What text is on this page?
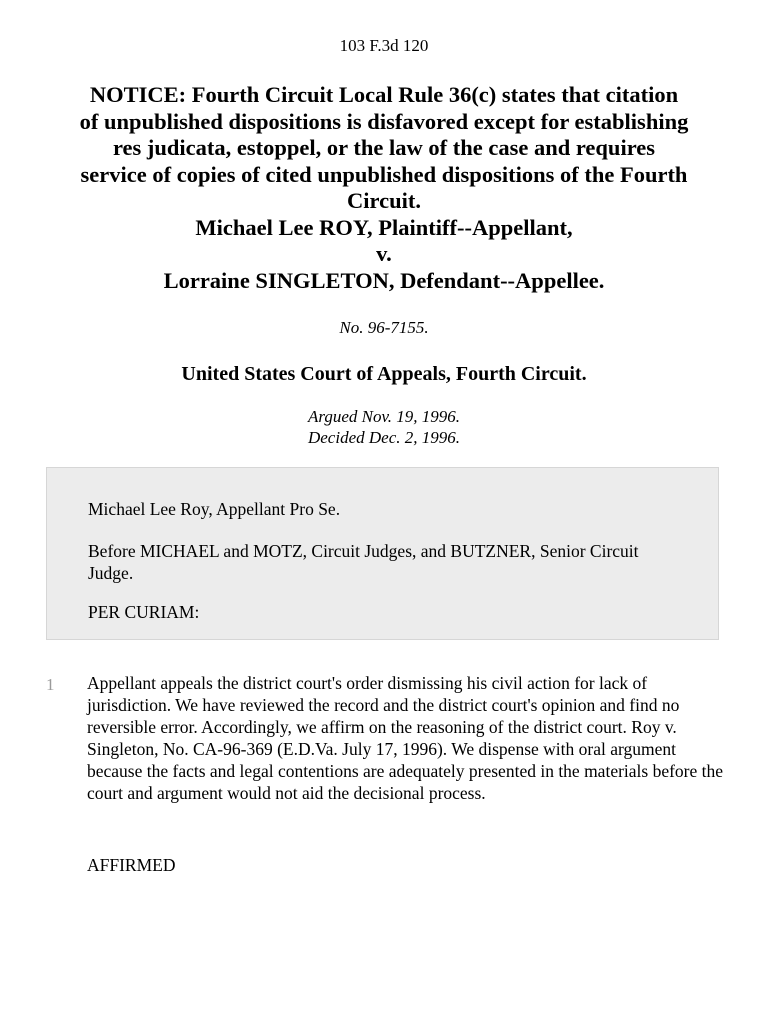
103 F.3d 120
NOTICE: Fourth Circuit Local Rule 36(c) states that citation
of unpublished dispositions is disfavored except for establishing
res judicata, estoppel, or the law of the case and requires
service of copies of cited unpublished dispositions of the Fourth
Circuit.
Michael Lee ROY, Plaintiff--Appellant,
v.
Lorraine SINGLETON, Defendant--Appellee.
No. 96-7155.
United States Court of Appeals, Fourth Circuit.
Argued Nov. 19, 1996.
Decided Dec. 2, 1996.
Michael Lee Roy, Appellant Pro Se.
Before MICHAEL and MOTZ, Circuit Judges, and BUTZNER, Senior Circuit Judge.
PER CURIAM:
1 Appellant appeals the district court's order dismissing his civil action for lack of jurisdiction. We have reviewed the record and the district court's opinion and find no reversible error. Accordingly, we affirm on the reasoning of the district court. Roy v. Singleton, No. CA-96-369 (E.D.Va. July 17, 1996). We dispense with oral argument because the facts and legal contentions are adequately presented in the materials before the court and argument would not aid the decisional process.
AFFIRMED
